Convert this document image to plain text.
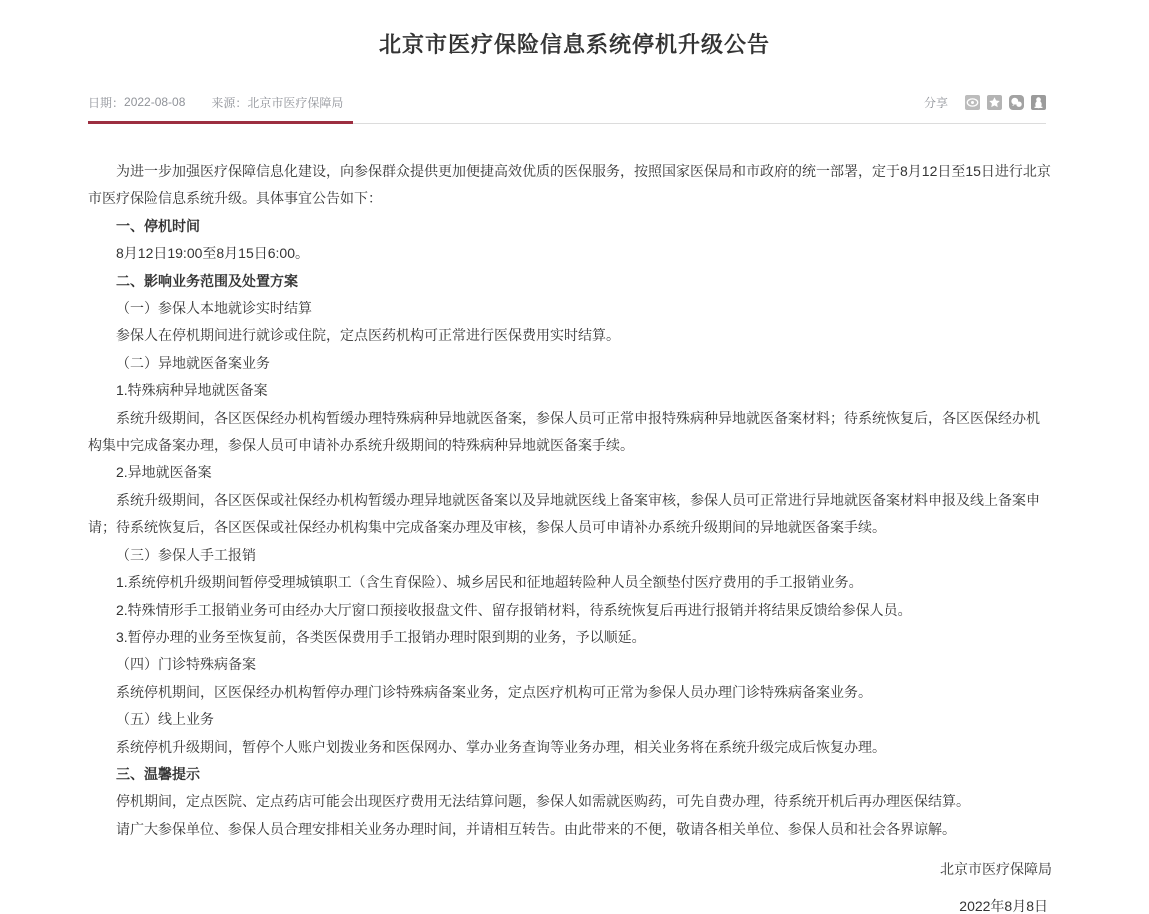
北京市医疗保险信息系统停机升级公告
日期： 2022-08-08 来源： 北京市医疗保障局	分享

为进一步加强医疗保障信息化建设，向参保群众提供更加便捷高效优质的医保服务，按照国家医保局和市政府的统一部署，定于8月12日至15日进行北京市医疗保险信息系统升级。具体事宜公告如下：

一、停机时间

8月12日19:00至8月15日6:00。

二、影响业务范围及处置方案

（一）参保人本地就诊实时结算

参保人在停机期间进行就诊或住院，定点医药机构可正常进行医保费用实时结算。

（二）异地就医备案业务

1.特殊病种异地就医备案

系统升级期间，各区医保经办机构暂缓办理特殊病种异地就医备案，参保人员可正常申报特殊病种异地就医备案材料；待系统恢复后，各区医保经办机构集中完成备案办理，参保人员可申请补办系统升级期间的特殊病种异地就医备案手续。

2.异地就医备案

系统升级期间，各区医保或社保经办机构暂缓办理异地就医备案以及异地就医线上备案审核，参保人员可正常进行异地就医备案材料申报及线上备案申请；待系统恢复后，各区医保或社保经办机构集中完成备案办理及审核，参保人员可申请补办系统升级期间的异地就医备案手续。

（三）参保人手工报销

1.系统停机升级期间暂停受理城镇职工（含生育保险）、城乡居民和征地超转险种人员全额垫付医疗费用的手工报销业务。

2.特殊情形手工报销业务可由经办大厅窗口预接收报盘文件、留存报销材料，待系统恢复后再进行报销并将结果反馈给参保人员。

3.暂停办理的业务至恢复前，各类医保费用手工报销办理时限到期的业务，予以顺延。

（四）门诊特殊病备案

系统停机期间，区医保经办机构暂停办理门诊特殊病备案业务，定点医疗机构可正常为参保人员办理门诊特殊病备案业务。

（五）线上业务

系统停机升级期间，暂停个人账户划拨业务和医保网办、掌办业务查询等业务办理，相关业务将在系统升级完成后恢复办理。

三、温馨提示

停机期间，定点医院、定点药店可能会出现医疗费用无法结算问题，参保人如需就医购药，可先自费办理，待系统开机后再办理医保结算。

请广大参保单位、参保人员合理安排相关业务办理时间，并请相互转告。由此带来的不便，敬请各相关单位、参保人员和社会各界谅解。

北京市医疗保障局

2022年8月8日
